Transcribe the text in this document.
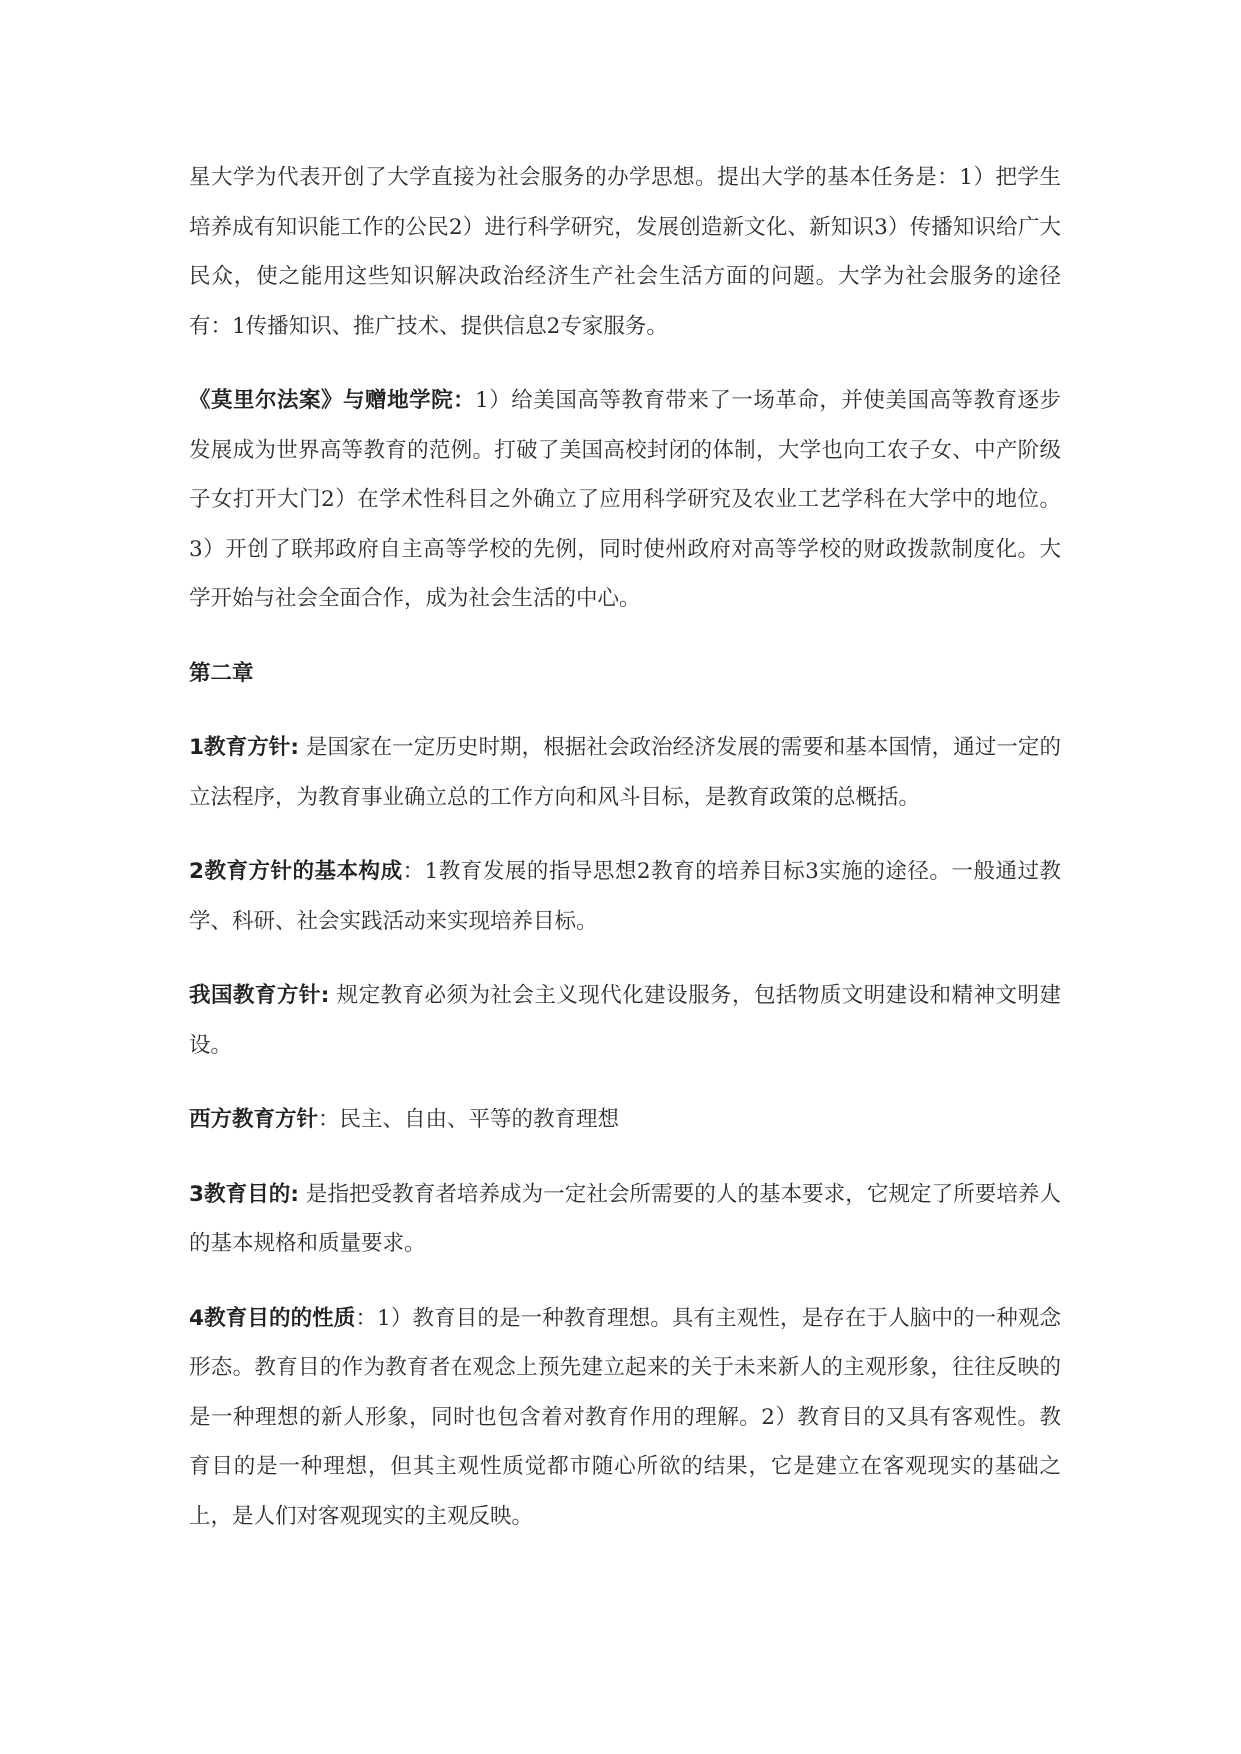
星大学为代表开创了大学直接为社会服务的办学思想。提出大学的基本任务是：1）把学生培养成有知识能工作的公民2）进行科学研究，发展创造新文化、新知识3）传播知识给广大民众，使之能用这些知识解决政治经济生产社会生活方面的问题。大学为社会服务的途径有：1传播知识、推广技术、提供信息2专家服务。

《莫里尔法案》与赠地学院：1）给美国高等教育带来了一场革命，并使美国高等教育逐步发展成为世界高等教育的范例。打破了美国高校封闭的体制，大学也向工农子女、中产阶级子女打开大门2）在学术性科目之外确立了应用科学研究及农业工艺学科在大学中的地位。3）开创了联邦政府自主高等学校的先例，同时使州政府对高等学校的财政拨款制度化。大学开始与社会全面合作，成为社会生活的中心。

第二章

1教育方针: 是国家在一定历史时期，根据社会政治经济发展的需要和基本国情，通过一定的立法程序，为教育事业确立总的工作方向和风斗目标，是教育政策的总概括。

2教育方针的基本构成：1教育发展的指导思想2教育的培养目标3实施的途径。一般通过教学、科研、社会实践活动来实现培养目标。

我国教育方针: 规定教育必须为社会主义现代化建设服务，包括物质文明建设和精神文明建设。

西方教育方针：民主、自由、平等的教育理想

3教育目的: 是指把受教育者培养成为一定社会所需要的人的基本要求，它规定了所要培养人的基本规格和质量要求。

4教育目的的性质：1）教育目的是一种教育理想。具有主观性，是存在于人脑中的一种观念形态。教育目的作为教育者在观念上预先建立起来的关于未来新人的主观形象，往往反映的是一种理想的新人形象，同时也包含着对教育作用的理解。2）教育目的又具有客观性。教育目的是一种理想，但其主观性质觉都市随心所欲的结果，它是建立在客观现实的基础之上，是人们对客观现实的主观反映。
